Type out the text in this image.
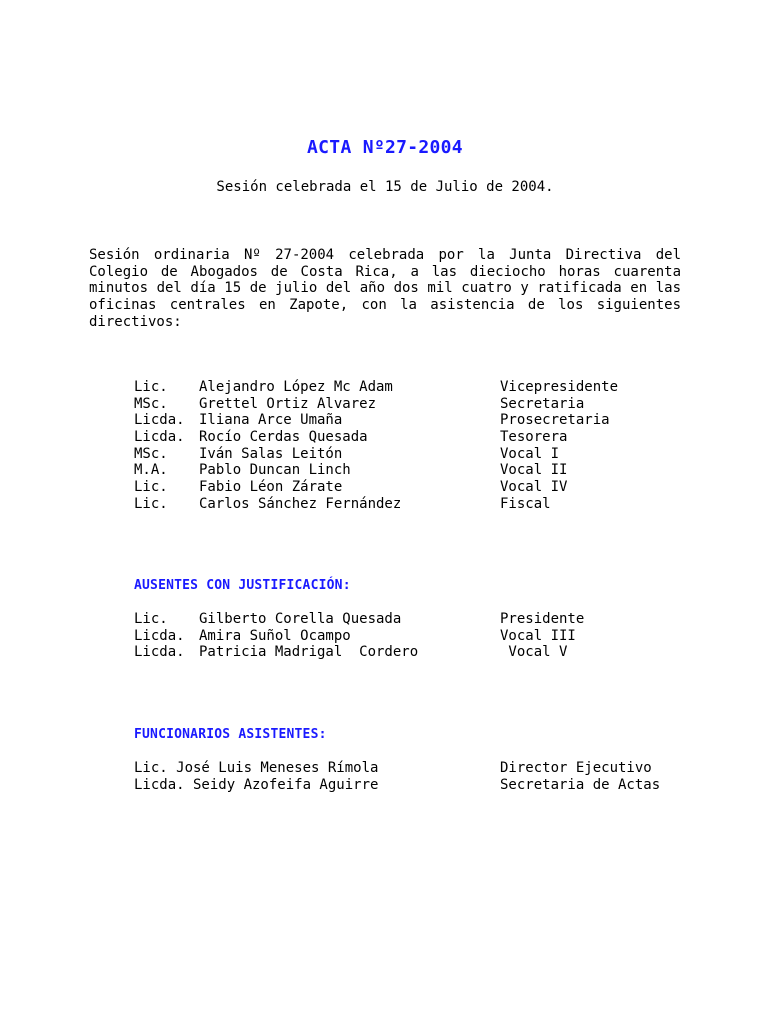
ACTA Nº27-2004
Sesión celebrada el 15 de Julio de 2004.

Sesión ordinaria Nº 27-2004 celebrada por la Junta Directiva del Colegio de Abogados de Costa Rica, a las dieciocho horas cuarenta minutos del día 15 de julio del año dos mil cuatro y ratificada en las oficinas centrales en Zapote, con la asistencia de los siguientes directivos:

Lic. Alejandro López Mc Adam	Vicepresidente
MSc. Grettel Ortiz Alvarez	Secretaria
Licda. Iliana Arce Umaña	Prosecretaria
Licda. Rocío Cerdas Quesada	Tesorera
MSc. Iván Salas Leitón	Vocal I
M.A. Pablo Duncan Linch	Vocal II
Lic. Fabio Léon Zárate	Vocal IV
Lic. Carlos Sánchez Fernández	Fiscal
AUSENTES CON JUSTIFICACIÓN:
Lic. Gilberto Corella Quesada	Presidente
Licda. Amira Suñol Ocampo	Vocal III
Licda. Patricia Madrigal  Cordero	Vocal V
FUNCIONARIOS ASISTENTES:
Lic. José Luis Meneses Rímola	Director Ejecutivo
Licda. Seidy Azofeifa Aguirre	Secretaria de Actas
